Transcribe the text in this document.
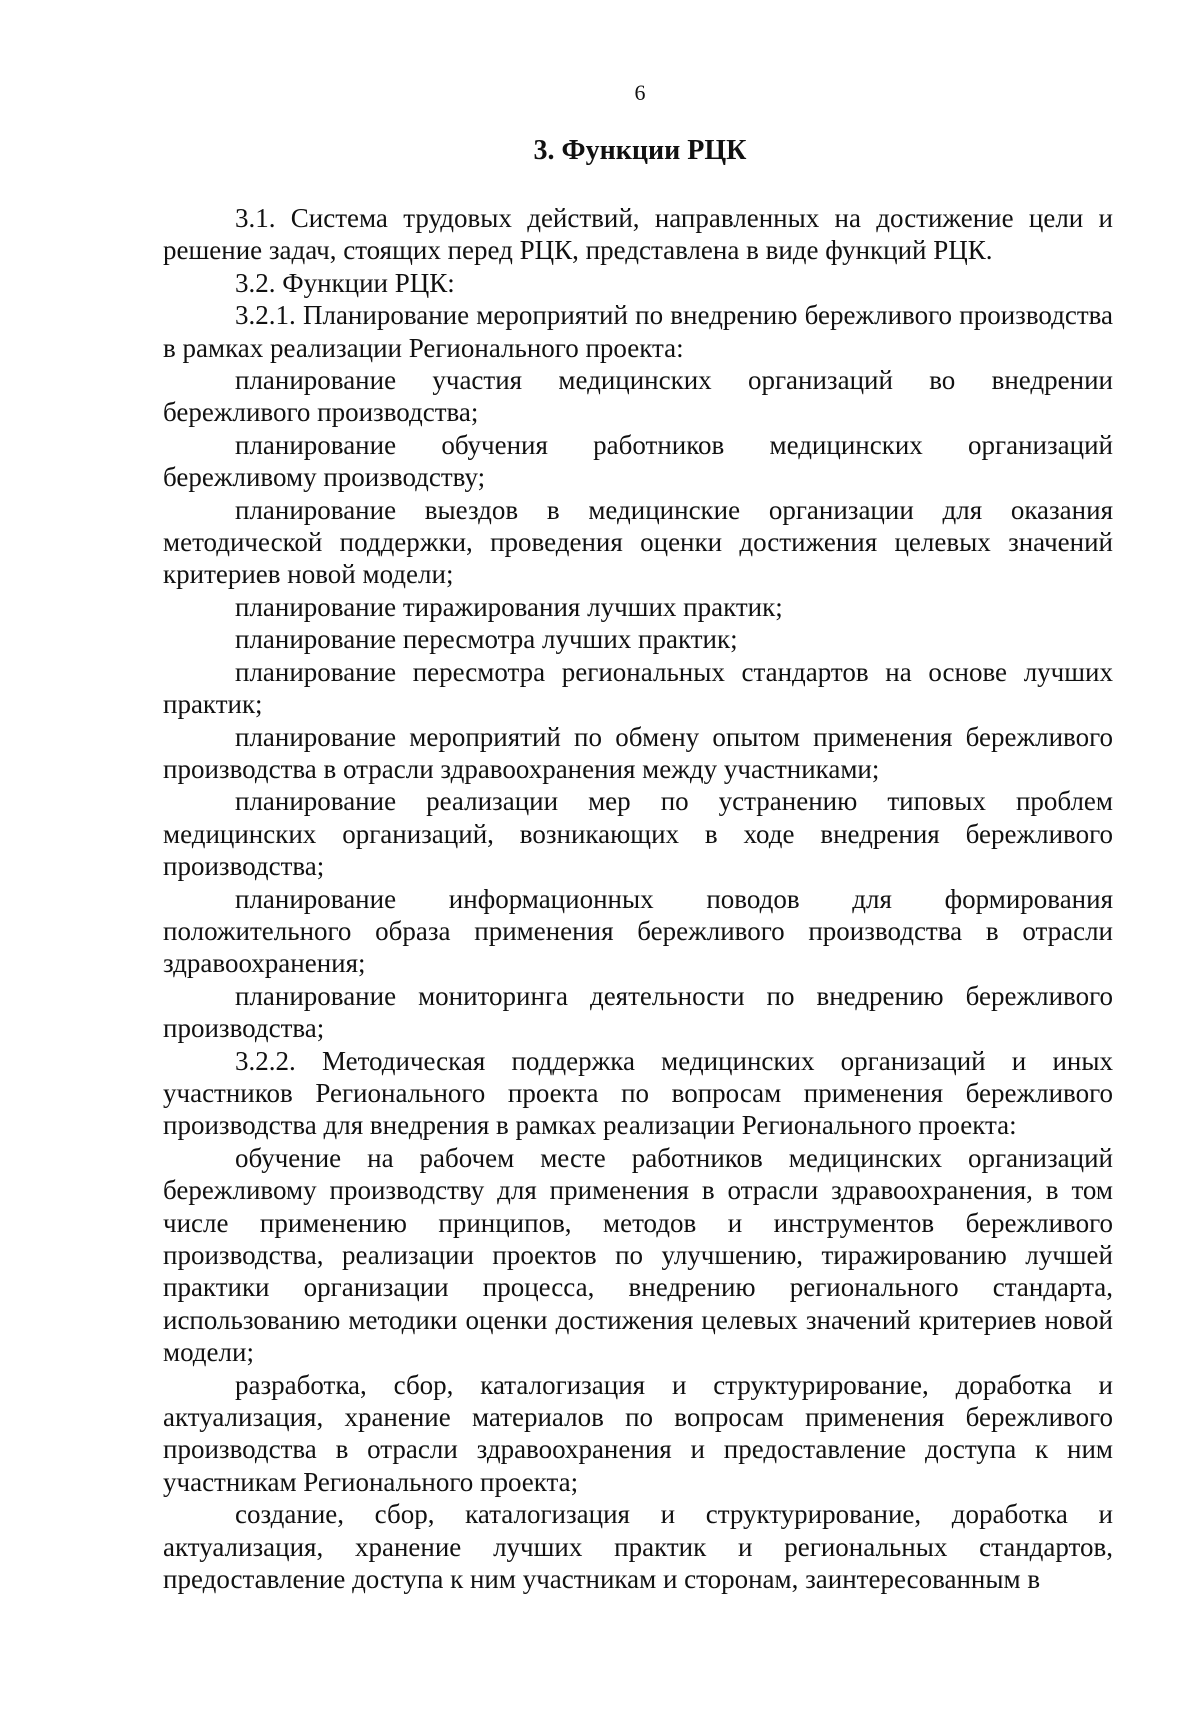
6
3. Функции РЦК

3.1. Система трудовых действий, направленных на достижение цели и решение задач, стоящих перед РЦК, представлена в виде функций РЦК.

3.2. Функции РЦК:

3.2.1. Планирование мероприятий по внедрению бережливого производства в рамках реализации Регионального проекта:

планирование участия медицинских организаций во внедрении бережливого производства;

планирование обучения работников медицинских организаций бережливому производству;

планирование выездов в медицинские организации для оказания методической поддержки, проведения оценки достижения целевых значений критериев новой модели;

планирование тиражирования лучших практик;

планирование пересмотра лучших практик;

планирование пересмотра региональных стандартов на основе лучших практик;

планирование мероприятий по обмену опытом применения бережливого производства в отрасли здравоохранения между участниками;

планирование реализации мер по устранению типовых проблем медицинских организаций, возникающих в ходе внедрения бережливого производства;

планирование информационных поводов для формирования положительного образа применения бережливого производства в отрасли здравоохранения;

планирование мониторинга деятельности по внедрению бережливого производства;

3.2.2. Методическая поддержка медицинских организаций и иных участников Регионального проекта по вопросам применения бережливого производства для внедрения в рамках реализации Регионального проекта:

обучение на рабочем месте работников медицинских организаций бережливому производству для применения в отрасли здравоохранения, в том числе применению принципов, методов и инструментов бережливого производства, реализации проектов по улучшению, тиражированию лучшей практики организации процесса, внедрению регионального стандарта, использованию методики оценки достижения целевых значений критериев новой модели;

разработка, сбор, каталогизация и структурирование, доработка и актуализация, хранение материалов по вопросам применения бережливого производства в отрасли здравоохранения и предоставление доступа к ним участникам Регионального проекта;

создание, сбор, каталогизация и структурирование, доработка и актуализация, хранение лучших практик и региональных стандартов, предоставление доступа к ним участникам и сторонам, заинтересованным в
